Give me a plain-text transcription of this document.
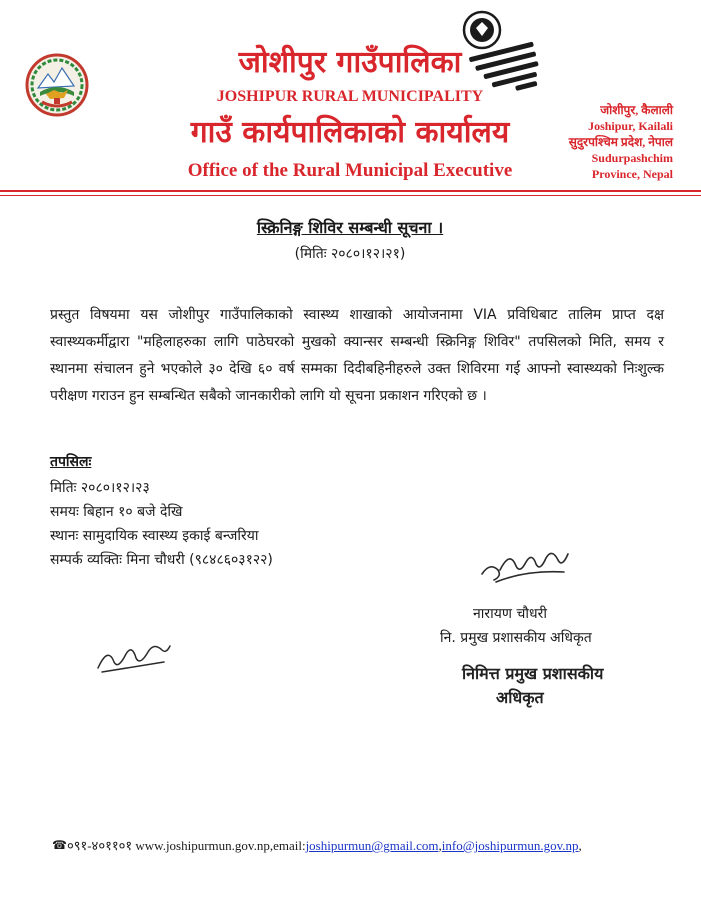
जोशीपुर गाउँपालिका
JOSHIPUR RURAL MUNICIPALITY
गाउँ कार्यपालिकाको कार्यालय
Office of the Rural Municipal Executive
जोशीपुर, कैलाली
Joshipur, Kailali
सुदुरपश्चिम प्रदेश, नेपाल
Sudurpashchim
Province, Nepal
स्क्रिनिङ्ग शिविर सम्बन्धी सूचना ।
(मितिः २०८०।१२।२१)
प्रस्तुत विषयमा यस जोशीपुर गाउँपालिकाको स्वास्थ्य शाखाको आयोजनामा VIA प्रविधिबाट तालिम प्राप्त दक्ष स्वास्थ्यकर्मीद्वारा "महिलाहरुका लागि पाठेघरको मुखको क्यान्सर सम्बन्धी स्क्रिनिङ्ग शिविर" तपसिलको मिति, समय र स्थानमा संचालन हुने भएकोले ३० देखि ६० वर्ष सम्मका दिदीबहिनीहरुले उक्त शिविरमा गई आफ्नो स्वास्थ्यको निःशुल्क परीक्षण गराउन हुन सम्बन्धित सबैको जानकारीको लागि यो सूचना प्रकाशन गरिएको छ ।
तपसिलः
मितिः २०८०।१२।२३
समयः बिहान १० बजे देखि
स्थानः सामुदायिक स्वास्थ्य इकाई बन्जरिया
सम्पर्क व्यक्तिः मिना चौधरी (९८४८६०३१२२)
नारायण चौधरी
नि. प्रमुख प्रशासकीय अधिकृत
निमित्त प्रमुख प्रशासकीय
अधिकृत
☎०९१-४०११०१ www.joshipurmun.gov.np,email:joshipurmun@gmail.com,info@joshipurmun.gov.np,
